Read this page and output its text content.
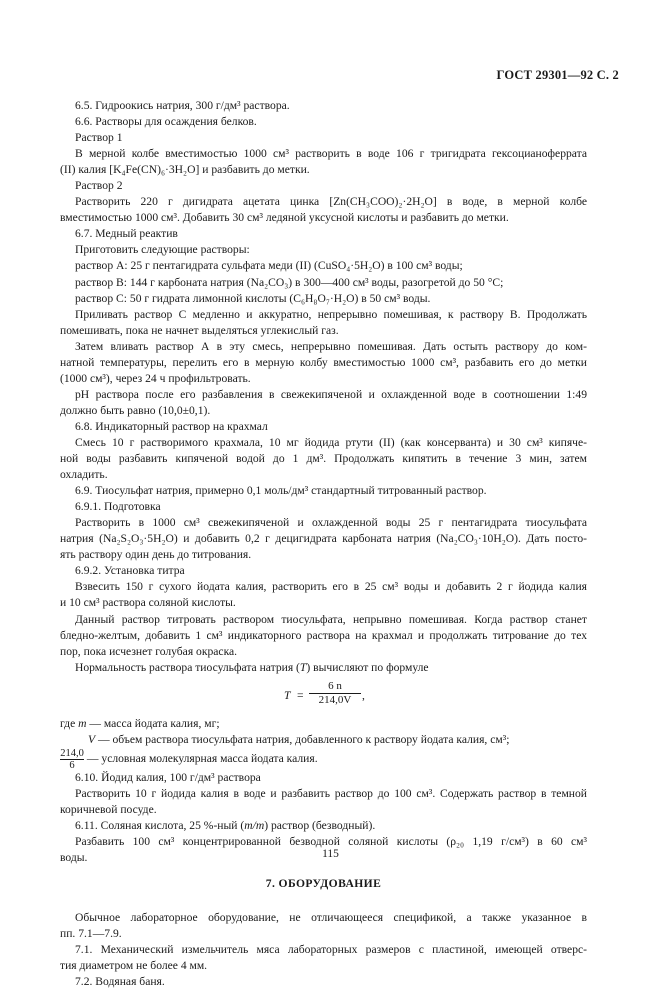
ГОСТ 29301—92 С. 2
6.5. Гидроокись натрия, 300 г/дм³ раствора.
6.6. Растворы для осаждения белков.
Раствор 1
В мерной колбе вместимостью 1000 см³ растворить в воде 106 г тригидрата гексоцианоферрата
(II) калия [K₄Fe(CN)₆·3H₂O] и разбавить до метки.
Раствор 2
Растворить 220 г дигидрата ацетата цинка [Zn(CH₃COO)₂·2H₂O] в воде, в мерной колбе
вместимостью 1000 см³. Добавить 30 см³ ледяной уксусной кислоты и разбавить до метки.
6.7. Медный реактив
Приготовить следующие растворы:
раствор А: 25 г пентагидрата сульфата меди (II) (CuSO₄·5H₂O) в 100 см³ воды;
раствор В: 144 г карбоната натрия (Na₂CO₃) в 300—400 см³ воды, разогретой до 50 °С;
раствор С: 50 г гидрата лимонной кислоты (C₆H₈O₇·H₂O) в 50 см³ воды.
Приливать раствор С медленно и аккуратно, непрерывно помешивая, к раствору В. Продолжать
помешивать, пока не начнет выделяться углекислый газ.
Затем вливать раствор А в эту смесь, непрерывно помешивая. Дать остыть раствору до ком-
натной температуры, перелить его в мерную колбу вместимостью 1000 см³, разбавить его до метки
(1000 см³), через 24 ч профильтровать.
рН раствора после его разбавления в свежекипяченой и охлажденной воде в соотношении 1:49
должно быть равно (10,0±0,1).
6.8. Индикаторный раствор на крахмал
Смесь 10 г растворимого крахмала, 10 мг йодида ртути (II) (как консерванта) и 30 см³ кипяче-
ной воды разбавить кипяченой водой до 1 дм³. Продолжать кипятить в течение 3 мин, затем
охладить.
6.9. Тиосульфат натрия, примерно 0,1 моль/дм³ стандартный титрованный раствор.
6.9.1. Подготовка
Растворить в 1000 см³ свежекипяченой и охлажденной воды 25 г пентагидрата тиосульфата
натрия (Na₂S₂O₃·5H₂O) и добавить 0,2 г децигидрата карбоната натрия (Na₂CO₃·10H₂O). Дать посто-
ять раствору один день до титрования.
6.9.2. Установка титра
Взвесить 150 г сухого йодата калия, растворить его в 25 см³ воды и добавить 2 г йодида калия
и 10 см³ раствора соляной кислоты.
Данный раствор титровать раствором тиосульфата, непрывно помешивая. Когда раствор станет
бледно-желтым, добавить 1 см³ индикаторного раствора на крахмал и продолжать титрование до тех
пор, пока исчезнет голубая окраска.
Нормальность раствора тиосульфата натрия (T) вычисляют по формуле
$T = \frac{6 n}{214,0V}$ ,
где m — масса йодата калия, мг;
V — объем раствора тиосульфата натрия, добавленного к раствору йодата калия, см³;
$\frac{214,0}{6}$ — условная молекулярная масса йодата калия.
6.10. Йодид калия, 100 г/дм³ раствора
Растворить 10 г йодида калия в воде и разбавить раствор до 100 см³. Содержать раствор в темной
коричневой посуде.
6.11. Соляная кислота, 25 %-ный (m/m) раствор (безводный).
Разбавить 100 см³ концентрированной безводной соляной кислоты (ρ₂₀ 1,19 г/см³) в 60 см³
воды.
7. ОБОРУДОВАНИЕ
Обычное лабораторное оборудование, не отличающееся спецификой, а также указанное в
пп. 7.1—7.9.
7.1. Механический измельчитель мяса лабораторных размеров с пластиной, имеющей отверс-
тия диаметром не более 4 мм.
7.2. Водяная баня.
115
